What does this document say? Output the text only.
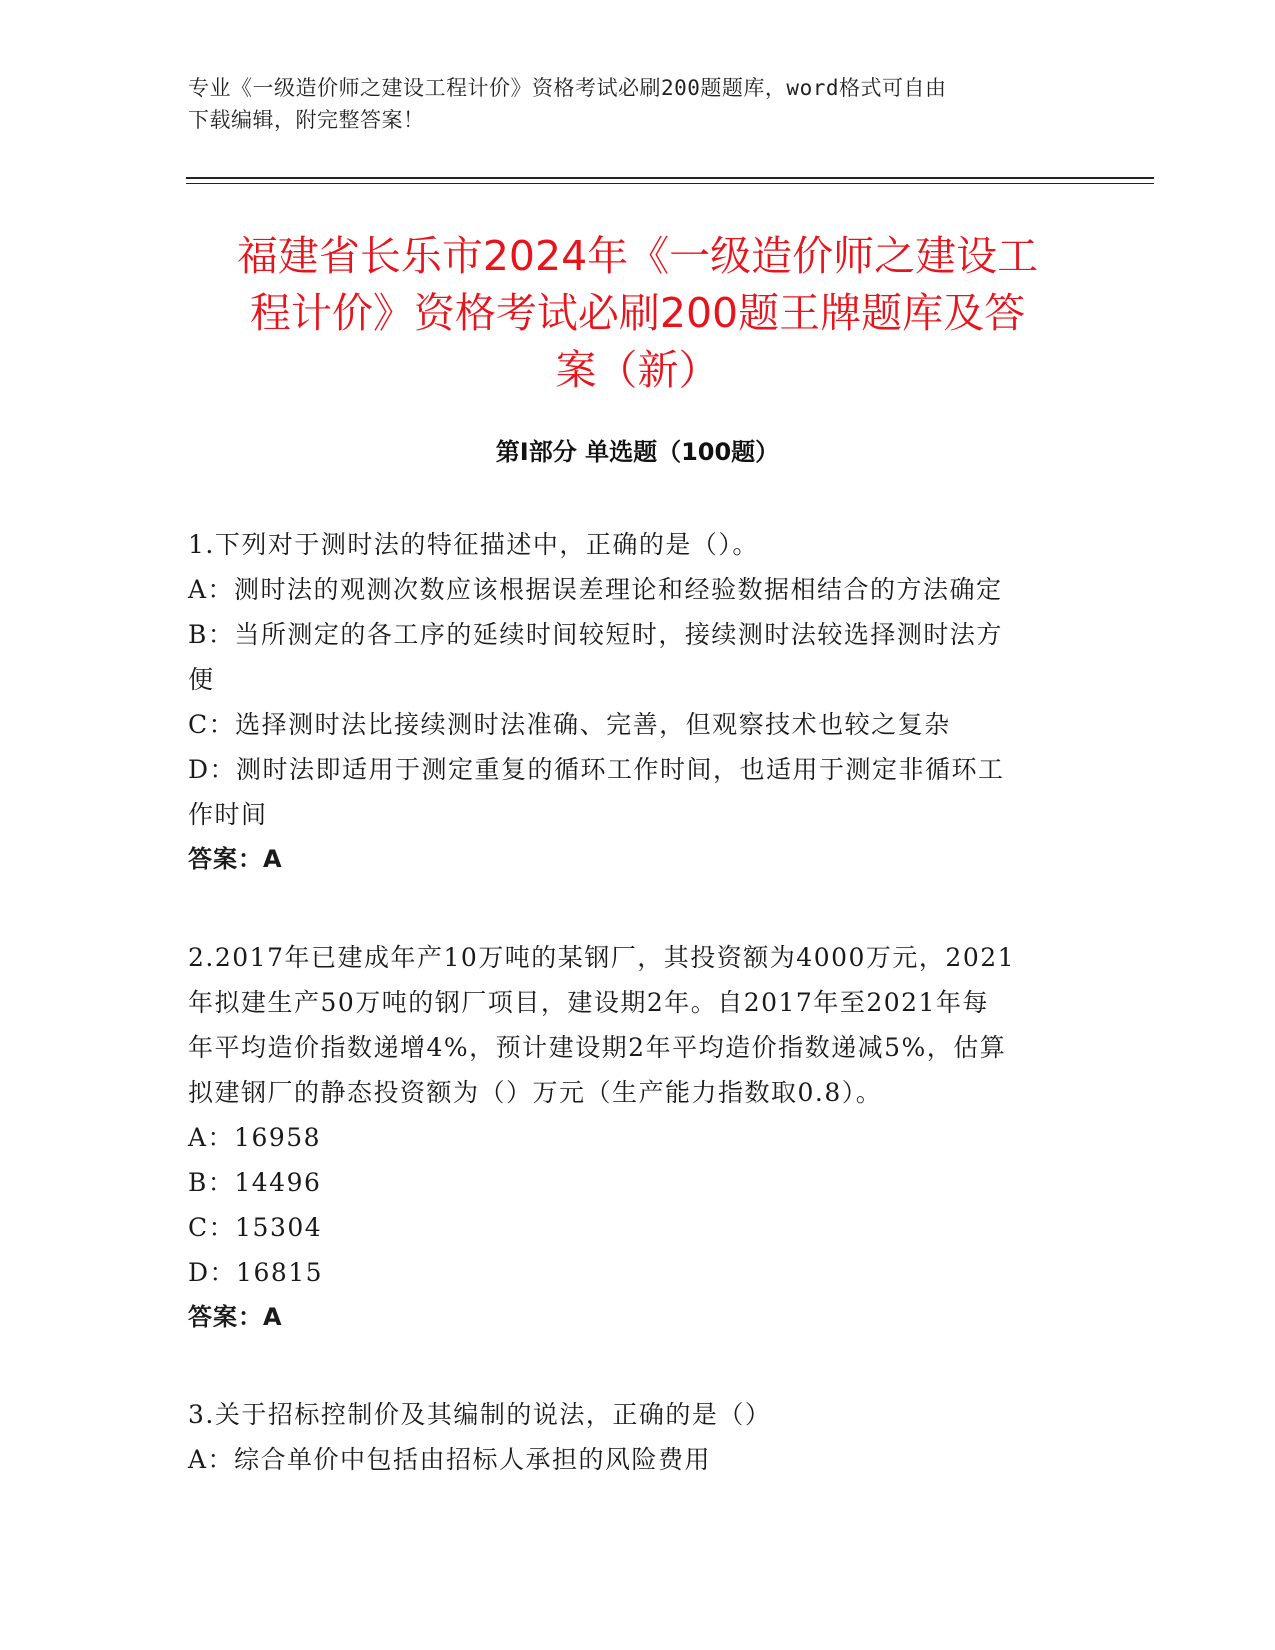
专业《一级造价师之建设工程计价》资格考试必刷200题题库，word格式可自由
下载编辑，附完整答案！
福建省长乐市2024年《一级造价师之建设工
程计价》资格考试必刷200题王牌题库及答
案（新）
第Ⅰ部分 单选题（100题）
1.下列对于测时法的特征描述中，正确的是（）。
A：测时法的观测次数应该根据误差理论和经验数据相结合的方法确定
B：当所测定的各工序的延续时间较短时，接续测时法较选择测时法方
便
C：选择测时法比接续测时法准确、完善，但观察技术也较之复杂
D：测时法即适用于测定重复的循环工作时间，也适用于测定非循环工
作时间
答案：A
2.2017年已建成年产10万吨的某钢厂，其投资额为4000万元，2021
年拟建生产50万吨的钢厂项目，建设期2年。自2017年至2021年每
年平均造价指数递增4%，预计建设期2年平均造价指数递减5%，估算
拟建钢厂的静态投资额为（）万元（生产能力指数取0.8）。
A：16958
B：14496
C：15304
D：16815
答案：A
3.关于招标控制价及其编制的说法，正确的是（）
A：综合单价中包括由招标人承担的风险费用
